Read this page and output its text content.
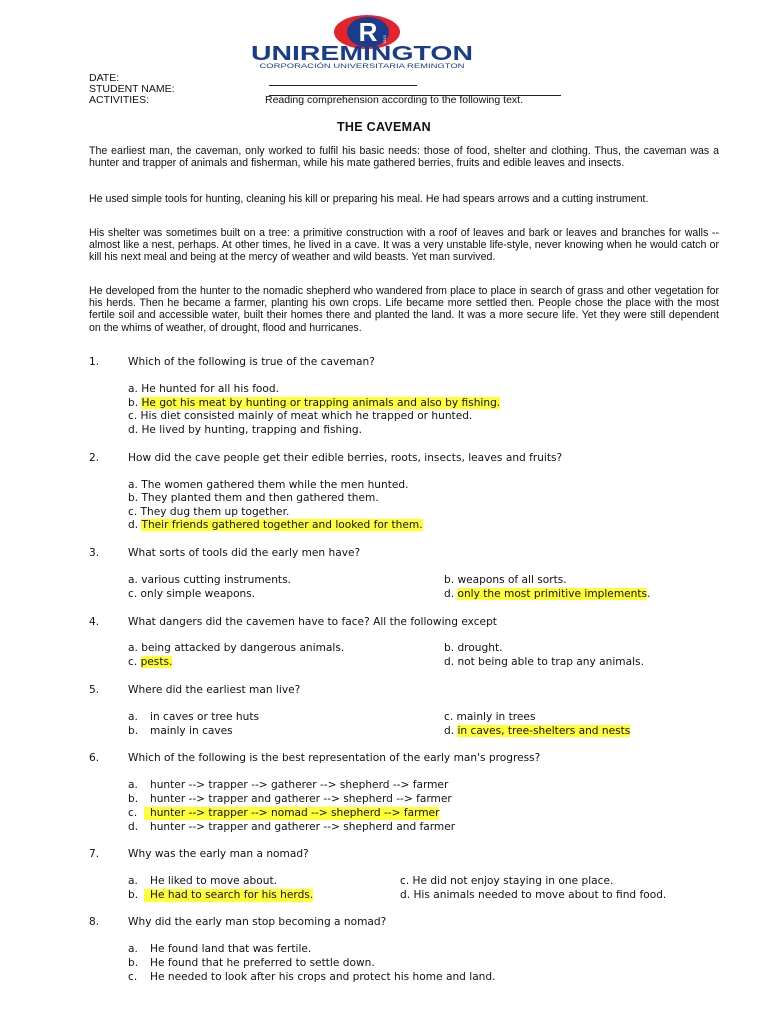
R
UNIREMINGTON
CORPORACIÓN UNIVERSITARIA REMINGTON
1915
DATE:
STUDENT NAME:
ACTIVITIES:	Reading comprehension according to the following text.
THE CAVEMAN
The earliest man, the caveman, only worked to fulfil his basic needs: those of food, shelter and clothing. Thus, the caveman was a hunter and trapper of animals and fisherman, while his mate gathered berries, fruits and edible leaves and insects.
He used simple tools for hunting, cleaning his kill or preparing his meal. He had spears arrows and a cutting instrument.
His shelter was sometimes built on a tree: a primitive construction with a roof of leaves and bark or leaves and branches for walls -- almost like a nest, perhaps. At other times, he lived in a cave. It was a very unstable life-style, never knowing when he would catch or kill his next meal and being at the mercy of weather and wild beasts. Yet man survived.
He developed from the hunter to the nomadic shepherd who wandered from place to place in search of grass and other vegetation for his herds. Then he became a farmer, planting his own crops. Life became more settled then. People chose the place with the most fertile soil and accessible water, built their homes there and planted the land. It was a more secure life. Yet they were still dependent on the whims of weather, of drought, flood and hurricanes.
1.	Which of the following is true of the caveman?
a. He hunted for all his food.
b. He got his meat by hunting or trapping animals and also by fishing.
c. His diet consisted mainly of meat which he trapped or hunted.
d. He lived by hunting, trapping and fishing.
2.	How did the cave people get their edible berries, roots, insects, leaves and fruits?
a. The women gathered them while the men hunted.
b. They planted them and then gathered them.
c. They dug them up together.
d. Their friends gathered together and looked for them.
3.	What sorts of tools did the early men have?
a. various cutting instruments.	b. weapons of all sorts.
c. only simple weapons.	d. only the most primitive implements.
4.	What dangers did the cavemen have to face? All the following except
a. being attacked by dangerous animals.	b. drought.
c. pests.	d. not being able to trap any animals.
5.	Where did the earliest man live?
a. in caves or tree huts	c. mainly in trees
b. mainly in caves	d. in caves, tree-shelters and nests
6.	Which of the following is the best representation of the early man's progress?
a. hunter --> trapper --> gatherer --> shepherd --> farmer
b. hunter --> trapper and gatherer --> shepherd --> farmer
c.	hunter --> trapper --> nomad --> shepherd --> farmer
d. hunter --> trapper and gatherer --> shepherd and farmer
7.	Why was the early man a nomad?
a. He liked to move about.	c. He did not enjoy staying in one place.
b.	He had to search for his herds.	d. His animals needed to move about to find food.
8.	Why did the early man stop becoming a nomad?
a. He found land that was fertile.
b. He found that he preferred to settle down.
c. He needed to look after his crops and protect his home and land.
